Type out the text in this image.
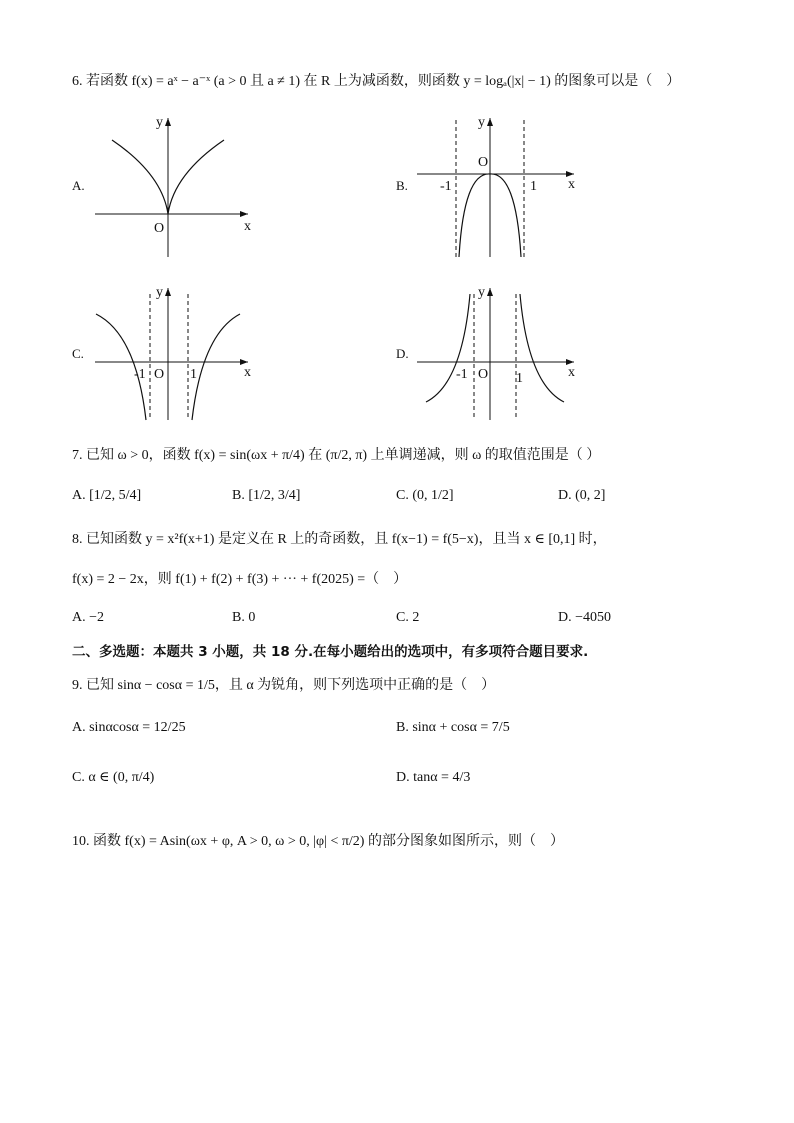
6. 若函数 f(x) = aˣ − a⁻ˣ (a > 0 且 a ≠ 1) 在 R 上为减函数，则函数 y = logₐ(|x| − 1) 的图象可以是（　）
A.
x
y
O
B.	x
y
O
-1	1
C.
x
y
O
-1	1
D.
x
y
O
-1	1
7. 已知 ω > 0，函数 f(x) = sin(ωx + π/4) 在 (π/2, π) 上单调递减，则 ω 的取值范围是（ ）
A. [1/2, 5/4]	B. [1/2, 3/4]	C. (0, 1/2]	D. (0, 2]
8. 已知函数 y = x²f(x+1) 是定义在 R 上的奇函数，且 f(x−1) = f(5−x)，且当 x ∈ [0,1] 时，
f(x) = 2 − 2x，则 f(1) + f(2) + f(3) + ··· + f(2025) =（　）
A. −2	B. 0	C. 2	D. −4050
二、多选题：本题共 3 小题，共 18 分.在每小题给出的选项中，有多项符合题目要求.
9. 已知 sinα − cosα = 1/5，且 α 为锐角，则下列选项中正确的是（　）
A. sinαcosα = 12/25	B. sinα + cosα = 7/5
C. α ∈ (0, π/4)	D. tanα = 4/3
10. 函数 f(x) = Asin(ωx + φ, A > 0, ω > 0, |φ| < π/2) 的部分图象如图所示，则（　）
